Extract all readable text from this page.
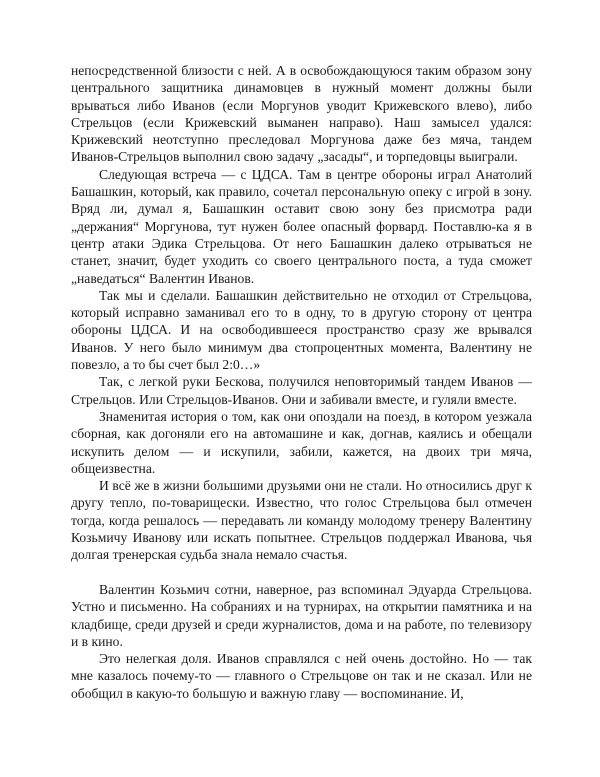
непосредственной близости с ней. А в освобождающуюся таким образом зону центрального защитника динамовцев в нужный момент должны были врываться либо Иванов (если Моргунов уводит Крижевского влево), либо Стрельцов (если Крижевский выманен направо). Наш замысел удался: Крижевский неотступно преследовал Моргунова даже без мяча, тандем Иванов-Стрельцов выполнил свою задачу „засады“, и торпедовцы выиграли.

Следующая встреча — с ЦДСА. Там в центре обороны играл Анатолий Башашкин, который, как правило, сочетал персональную опеку с игрой в зону. Вряд ли, думал я, Башашкин оставит свою зону без присмотра ради „держания“ Моргунова, тут нужен более опасный форвард. Поставлю-ка я в центр атаки Эдика Стрельцова. От него Башашкин далеко отрываться не станет, значит, будет уходить со своего центрального поста, а туда сможет „наведаться“ Валентин Иванов.

Так мы и сделали. Башашкин действительно не отходил от Стрельцова, который исправно заманивал его то в одну, то в другую сторону от центра обороны ЦДСА. И на освободившееся пространство сразу же врывался Иванов. У него было минимум два стопроцентных момента, Валентину не повезло, а то бы счет был 2:0…»

Так, с легкой руки Бескова, получился неповторимый тандем Иванов — Стрельцов. Или Стрельцов-Иванов. Они и забивали вместе, и гуляли вместе.

Знаменитая история о том, как они опоздали на поезд, в котором уезжала сборная, как догоняли его на автомашине и как, догнав, каялись и обещали искупить делом — и искупили, забили, кажется, на двоих три мяча, общеизвестна.

И всё же в жизни большими друзьями они не стали. Но относились друг к другу тепло, по-товарищески. Известно, что голос Стрельцова был отмечен тогда, когда решалось — передавать ли команду молодому тренеру Валентину Козьмичу Иванову или искать попытнее. Стрельцов поддержал Иванова, чья долгая тренерская судьба знала немало счастья.

Валентин Козьмич сотни, наверное, раз вспоминал Эдуарда Стрельцова. Устно и письменно. На собраниях и на турнирах, на открытии памятника и на кладбище, среди друзей и среди журналистов, дома и на работе, по телевизору и в кино.

Это нелегкая доля. Иванов справлялся с ней очень достойно. Но — так мне казалось почему-то — главного о Стрельцове он так и не сказал. Или не обобщил в какую-то большую и важную главу — воспоминание. И,
